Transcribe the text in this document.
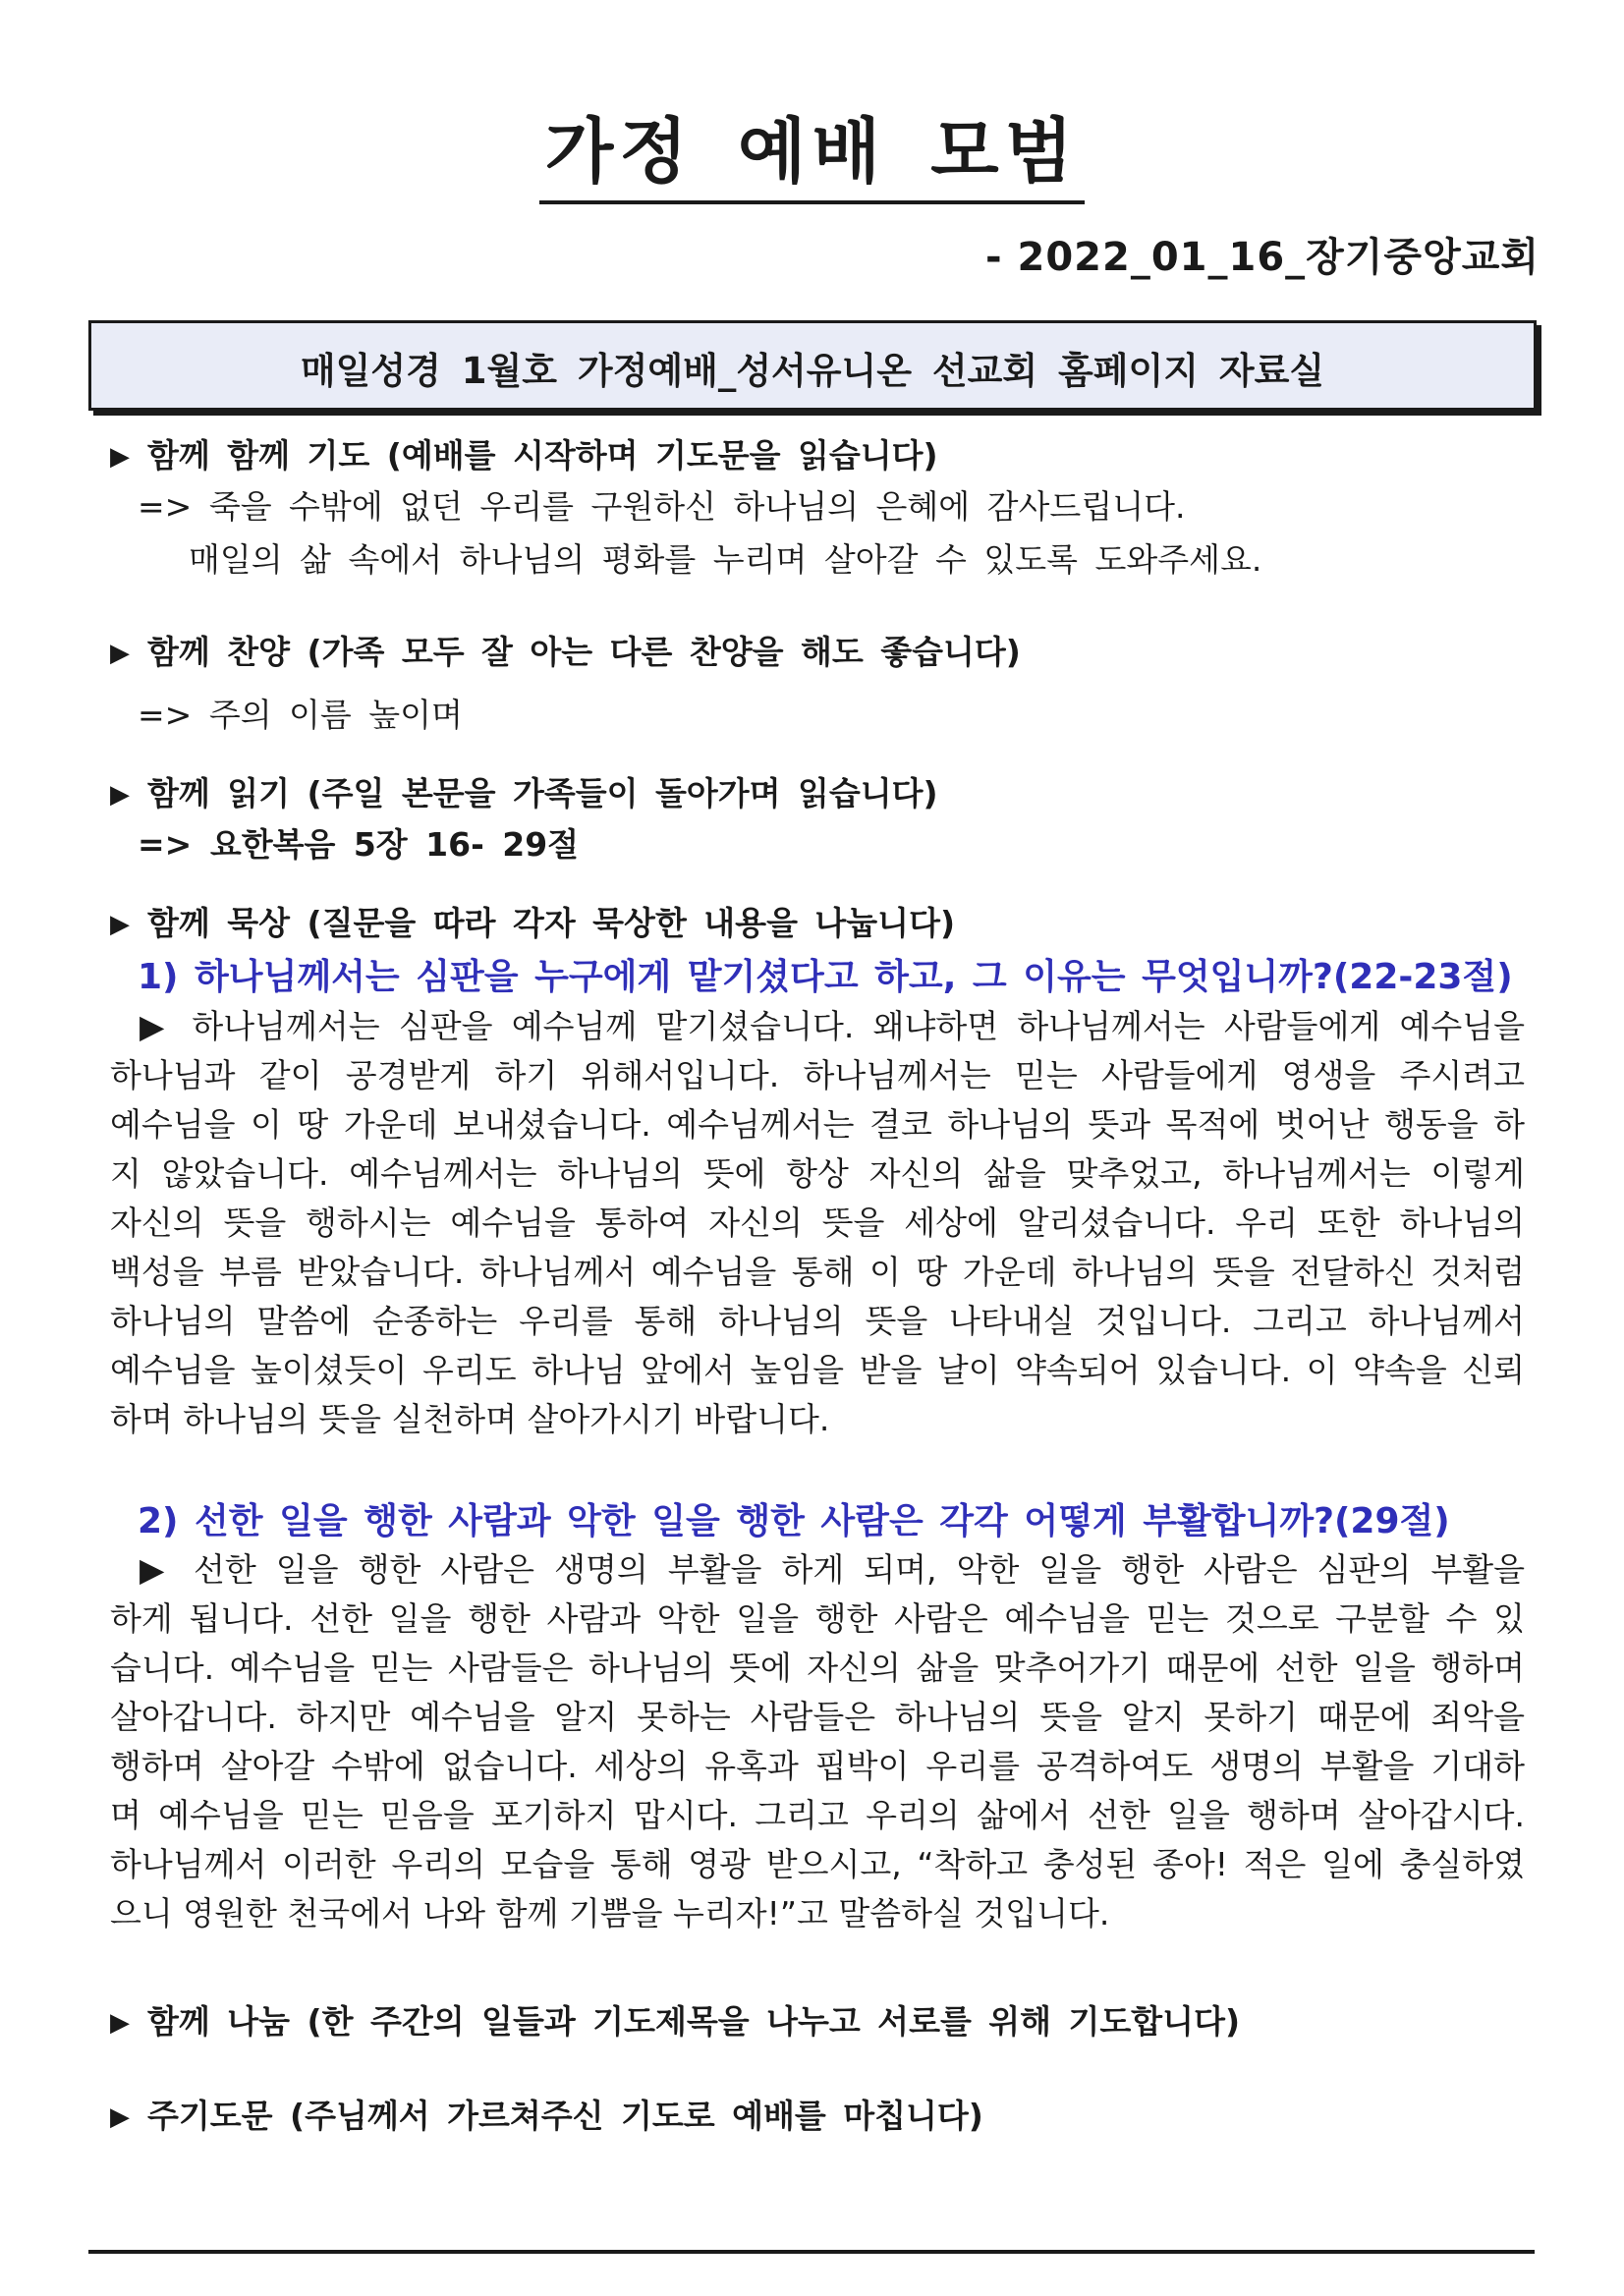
가정 예배 모범
- 2022_01_16_장기중앙교회
매일성경 1월호 가정예배_성서유니온 선교회 홈페이지 자료실
▶ 함께 함께 기도 (예배를 시작하며 기도문을 읽습니다)
=> 죽을 수밖에 없던 우리를 구원하신 하나님의 은혜에 감사드립니다.
매일의 삶 속에서 하나님의 평화를 누리며 살아갈 수 있도록 도와주세요.
▶ 함께 찬양 (가족 모두 잘 아는 다른 찬양을 해도 좋습니다)
=> 주의 이름 높이며
▶ 함께 읽기 (주일 본문을 가족들이 돌아가며 읽습니다)
=> 요한복음 5장 16- 29절
▶ 함께 묵상 (질문을 따라 각자 묵상한 내용을 나눕니다)
1) 하나님께서는 심판을 누구에게 맡기셨다고 하고, 그 이유는 무엇입니까?(22-23절)
▶ 하나님께서는 심판을 예수님께 맡기셨습니다. 왜냐하면 하나님께서는 사람들에게 예수님을
하나님과 같이 공경받게 하기 위해서입니다. 하나님께서는 믿는 사람들에게 영생을 주시려고
예수님을 이 땅 가운데 보내셨습니다. 예수님께서는 결코 하나님의 뜻과 목적에 벗어난 행동을 하
지 않았습니다. 예수님께서는 하나님의 뜻에 항상 자신의 삶을 맞추었고, 하나님께서는 이렇게
자신의 뜻을 행하시는 예수님을 통하여 자신의 뜻을 세상에 알리셨습니다. 우리 또한 하나님의
백성을 부름 받았습니다. 하나님께서 예수님을 통해 이 땅 가운데 하나님의 뜻을 전달하신 것처럼
하나님의 말씀에 순종하는 우리를 통해 하나님의 뜻을 나타내실 것입니다. 그리고 하나님께서
예수님을 높이셨듯이 우리도 하나님 앞에서 높임을 받을 날이 약속되어 있습니다. 이 약속을 신뢰
하며 하나님의 뜻을 실천하며 살아가시기 바랍니다.
2) 선한 일을 행한 사람과 악한 일을 행한 사람은 각각 어떻게 부활합니까?(29절)
▶ 선한 일을 행한 사람은 생명의 부활을 하게 되며, 악한 일을 행한 사람은 심판의 부활을
하게 됩니다. 선한 일을 행한 사람과 악한 일을 행한 사람은 예수님을 믿는 것으로 구분할 수 있
습니다. 예수님을 믿는 사람들은 하나님의 뜻에 자신의 삶을 맞추어가기 때문에 선한 일을 행하며
살아갑니다. 하지만 예수님을 알지 못하는 사람들은 하나님의 뜻을 알지 못하기 때문에 죄악을
행하며 살아갈 수밖에 없습니다. 세상의 유혹과 핍박이 우리를 공격하여도 생명의 부활을 기대하
며 예수님을 믿는 믿음을 포기하지 맙시다. 그리고 우리의 삶에서 선한 일을 행하며 살아갑시다.
하나님께서 이러한 우리의 모습을 통해 영광 받으시고, “착하고 충성된 종아! 적은 일에 충실하였
으니 영원한 천국에서 나와 함께 기쁨을 누리자!”고 말씀하실 것입니다.
▶ 함께 나눔 (한 주간의 일들과 기도제목을 나누고 서로를 위해 기도합니다)
▶ 주기도문 (주님께서 가르쳐주신 기도로 예배를 마칩니다)
